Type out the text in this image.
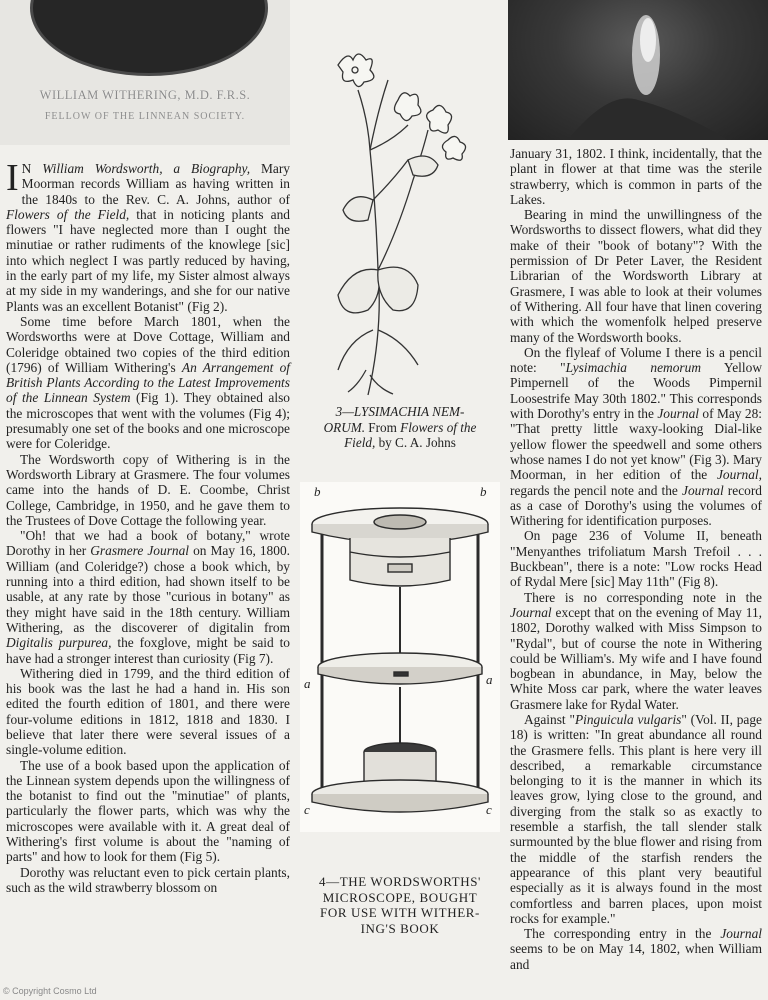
WILLIAM WITHERING, M.D. F.R.S.
FELLOW OF THE LINNEAN SOCIETY.
3—LYSIMACHIA NEM-
ORUM. From Flowers of the
Field, by C. A. Johns
b	b
a	a
c	c
4—THE WORDSWORTHS'
MICROSCOPE, BOUGHT
FOR USE WITH WITHER-
ING'S BOOK

I N William Wordsworth, a Biography, Mary Moorman records William as having written in the 1840s to the Rev. C. A. Johns, author of Flowers of the Field, that in noticing plants and flowers "I have neglected more than I ought the minutiae or rather rudiments of the knowlege [sic] into which neglect I was partly reduced by having, in the early part of my life, my Sister almost always at my side in my wanderings, and she for our native Plants was an excellent Botanist" (Fig 2).

Some time before March 1801, when the Wordsworths were at Dove Cottage, William and Coleridge obtained two copies of the third edition (1796) of William Withering's An Arrangement of British Plants According to the Latest Improvements of the Linnean System (Fig 1). They obtained also the microscopes that went with the volumes (Fig 4); presumably one set of the books and one microscope were for Coleridge.

The Wordsworth copy of Withering is in the Wordsworth Library at Grasmere. The four volumes came into the hands of D. E. Coombe, Christ College, Cambridge, in 1950, and he gave them to the Trustees of Dove Cottage the following year.

"Oh! that we had a book of botany," wrote Dorothy in her Grasmere Journal on May 16, 1800. William (and Coleridge?) chose a book which, by running into a third edition, had shown itself to be usable, at any rate by those "curious in botany" as they might have said in the 18th century. William Withering, as the discoverer of digitalin from Digitalis purpurea, the foxglove, might be said to have had a stronger interest than curiosity (Fig 7).

Withering died in 1799, and the third edition of his book was the last he had a hand in. His son edited the fourth edition of 1801, and there were four-volume editions in 1812, 1818 and 1830. I believe that later there were several issues of a single-volume edition.

The use of a book based upon the application of the Linnean system depends upon the willingness of the botanist to find out the "minutiae" of plants, particularly the flower parts, which was why the microscopes were available with it. A great deal of Withering's first volume is about the "naming of parts" and how to look for them (Fig 5).

Dorothy was reluctant even to pick certain plants, such as the wild strawberry blossom on

January 31, 1802. I think, incidentally, that the plant in flower at that time was the sterile strawberry, which is common in parts of the Lakes.

Bearing in mind the unwillingness of the Wordsworths to dissect flowers, what did they make of their "book of botany"? With the permission of Dr Peter Laver, the Resident Librarian of the Wordsworth Library at Grasmere, I was able to look at their volumes of Withering. All four have that linen covering with which the womenfolk helped preserve many of the Wordsworth books.

On the flyleaf of Volume I there is a pencil note: "Lysimachia nemorum Yellow Pimpernell of the Woods Pimpernil Loosestrife May 30th 1802." This corresponds with Dorothy's entry in the Journal of May 28: "That pretty little waxy-looking Dial-like yellow flower the speedwell and some others whose names I do not yet know" (Fig 3). Mary Moorman, in her edition of the Journal, regards the pencil note and the Journal record as a case of Dorothy's using the volumes of Withering for identification purposes.

On page 236 of Volume II, beneath "Menyanthes trifoliatum Marsh Trefoil . . . Buckbean", there is a note: "Low rocks Head of Rydal Mere [sic] May 11th" (Fig 8).

There is no corresponding note in the Journal except that on the evening of May 11, 1802, Dorothy walked with Miss Simpson to "Rydal", but of course the note in Withering could be William's. My wife and I have found bogbean in abundance, in May, below the White Moss car park, where the water leaves Grasmere lake for Rydal Water.

Against "Pinguicula vulgaris" (Vol. II, page 18) is written: "In great abundance all round the Grasmere fells. This plant is here very ill described, a remarkable circumstance belonging to it is the manner in which its leaves grow, lying close to the ground, and diverging from the stalk so as exactly to resemble a starfish, the tall slender stalk surmounted by the blue flower and rising from the middle of the starfish renders the appearance of this plant very beautiful especially as it is always found in the most comfortless and barren places, upon moist rocks for example."

The corresponding entry in the Journal seems to be on May 14, 1802, when William and

© Copyright Cosmo Ltd
